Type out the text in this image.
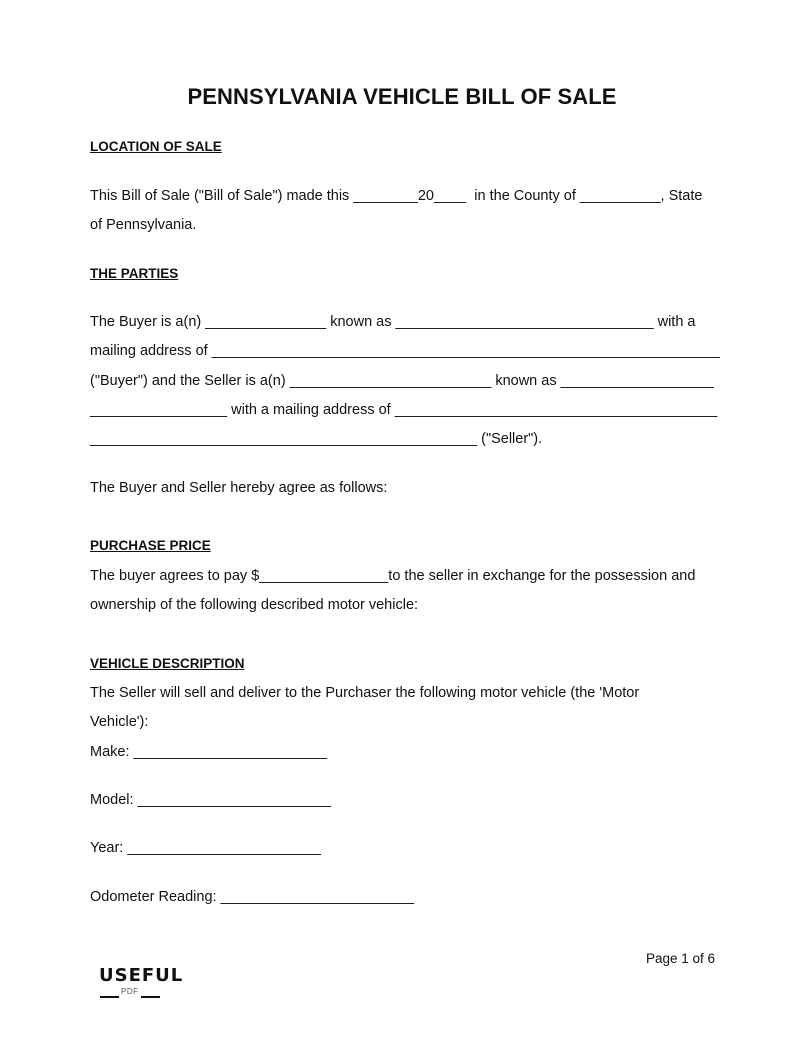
PENNSYLVANIA VEHICLE BILL OF SALE
LOCATION OF SALE
This Bill of Sale ("Bill of Sale") made this ________20____  in the County of __________, State
of Pennsylvania.
THE PARTIES
The Buyer is a(n) _______________ known as ________________________________ with a
mailing address of _______________________________________________________________
("Buyer") and the Seller is a(n) _________________________ known as ___________________
_________________ with a mailing address of ________________________________________
________________________________________________ ("Seller").
The Buyer and Seller hereby agree as follows:
PURCHASE PRICE
The buyer agrees to pay $________________to the seller in exchange for the possession and
ownership of the following described motor vehicle:
VEHICLE DESCRIPTION
The Seller will sell and deliver to the Purchaser the following motor vehicle (the 'Motor
Vehicle'):
Make: ________________________
Model: ________________________
Year: ________________________
Odometer Reading: ________________________
Page 1 of 6
USEFUL
PDF
